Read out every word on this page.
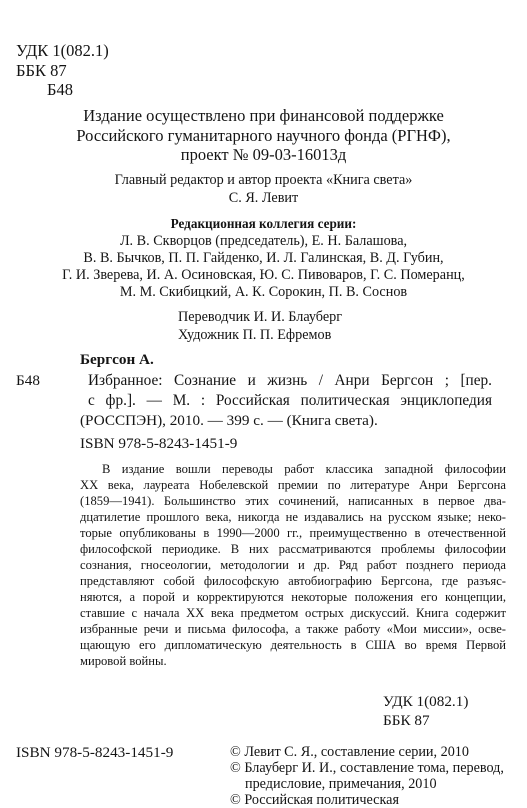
УДК 1(082.1)
ББК 87
Б48
Издание осуществлено при финансовой поддержке
Российского гуманитарного научного фонда (РГНФ),
проект № 09-03-16013д
Главный редактор и автор проекта «Книга света»
С. Я. Левит
Редакционная коллегия серии:
Л. В. Скворцов (председатель), Е. Н. Балашова,
В. В. Бычков, П. П. Гайденко, И. Л. Галинская, В. Д. Губин,
Г. И. Зверева, И. А. Осиновская, Ю. С. Пивоваров, Г. С. Померанц,
М. М. Скибицкий, А. К. Сорокин, П. В. Соснов
Переводчик И. И. Блауберг
Художник П. П. Ефремов
Бергсон А.
Б48	Избранное: Сознание и жизнь / Анри Бергсон ; [пер.
с фр.]. — М. : Российская политическая энциклопедия
(РОССПЭН), 2010. — 399 с. — (Книга света).
ISBN 978-5-8243-1451-9
В издание вошли переводы работ классика западной философии
XX века, лауреата Нобелевской премии по литературе Анри Бергсона
(1859—1941). Большинство этих сочинений, написанных в первое два-
дцатилетие прошлого века, никогда не издавались на русском языке; неко-
торые опубликованы в 1990—2000 гг., преимущественно в отечественной
философской периодике. В них рассматриваются проблемы философии
сознания, гносеологии, методологии и др. Ряд работ позднего периода
представляют собой философскую автобиографию Бергсона, где разъяс-
няются, а порой и корректируются некоторые положения его концепции,
ставшие с начала XX века предметом острых дискуссий. Книга содержит
избранные речи и письма философа, а также работу «Мои миссии», осве-
щающую его дипломатическую деятельность в США во время Первой
мировой войны.
УДК 1(082.1)
ББК 87
ISBN 978-5-8243-1451-9	© Левит С. Я., составление серии, 2010
© Блауберг И. И., составление тома, перевод,
предисловие, примечания, 2010
© Российская политическая
